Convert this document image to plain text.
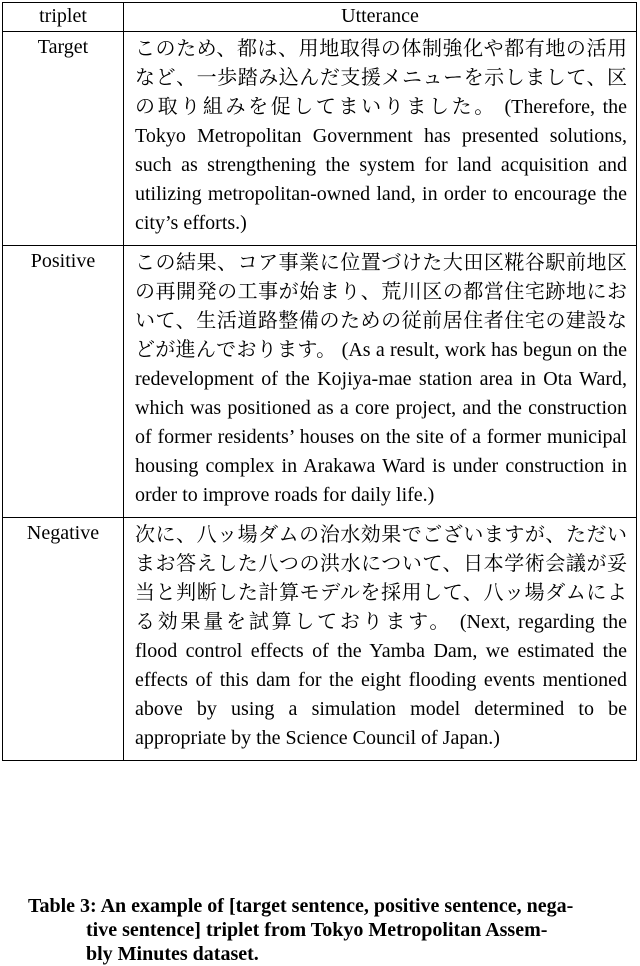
triplet	Utterance
Target	このため、都は、用地取得の体制強化や都有地の活用など、一歩踏み込んだ支援メニューを示しまして、区の取り組みを促してまいりました。 (Therefore, the Tokyo Metropolitan Government has presented solutions, such as strengthening the system for land acquisition and utilizing metropolitan-owned land, in order to encourage the city’s efforts.)
Positive	この結果、コア事業に位置づけた大田区糀谷駅前地区の再開発の工事が始まり、荒川区の都営住宅跡地において、生活道路整備のための従前居住者住宅の建設などが進んでおります。 (As a result, work has begun on the redevelopment of the Kojiya-mae station area in Ota Ward, which was positioned as a core project, and the construction of former residents’ houses on the site of a former municipal housing complex in Arakawa Ward is under construction in order to improve roads for daily life.)
Negative	次に、八ッ場ダムの治水効果でございますが、ただいまお答えした八つの洪水について、日本学術会議が妥当と判断した計算モデルを採用して、八ッ場ダムによる効果量を試算しております。 (Next, regarding the flood control effects of the Yamba Dam, we estimated the effects of this dam for the eight flooding events mentioned above by using a simulation model determined to be appropriate by the Science Council of Japan.)
Table 3: An example of [target sentence, positive sentence, nega-
tive sentence] triplet from Tokyo Metropolitan Assem-
bly Minutes dataset.
